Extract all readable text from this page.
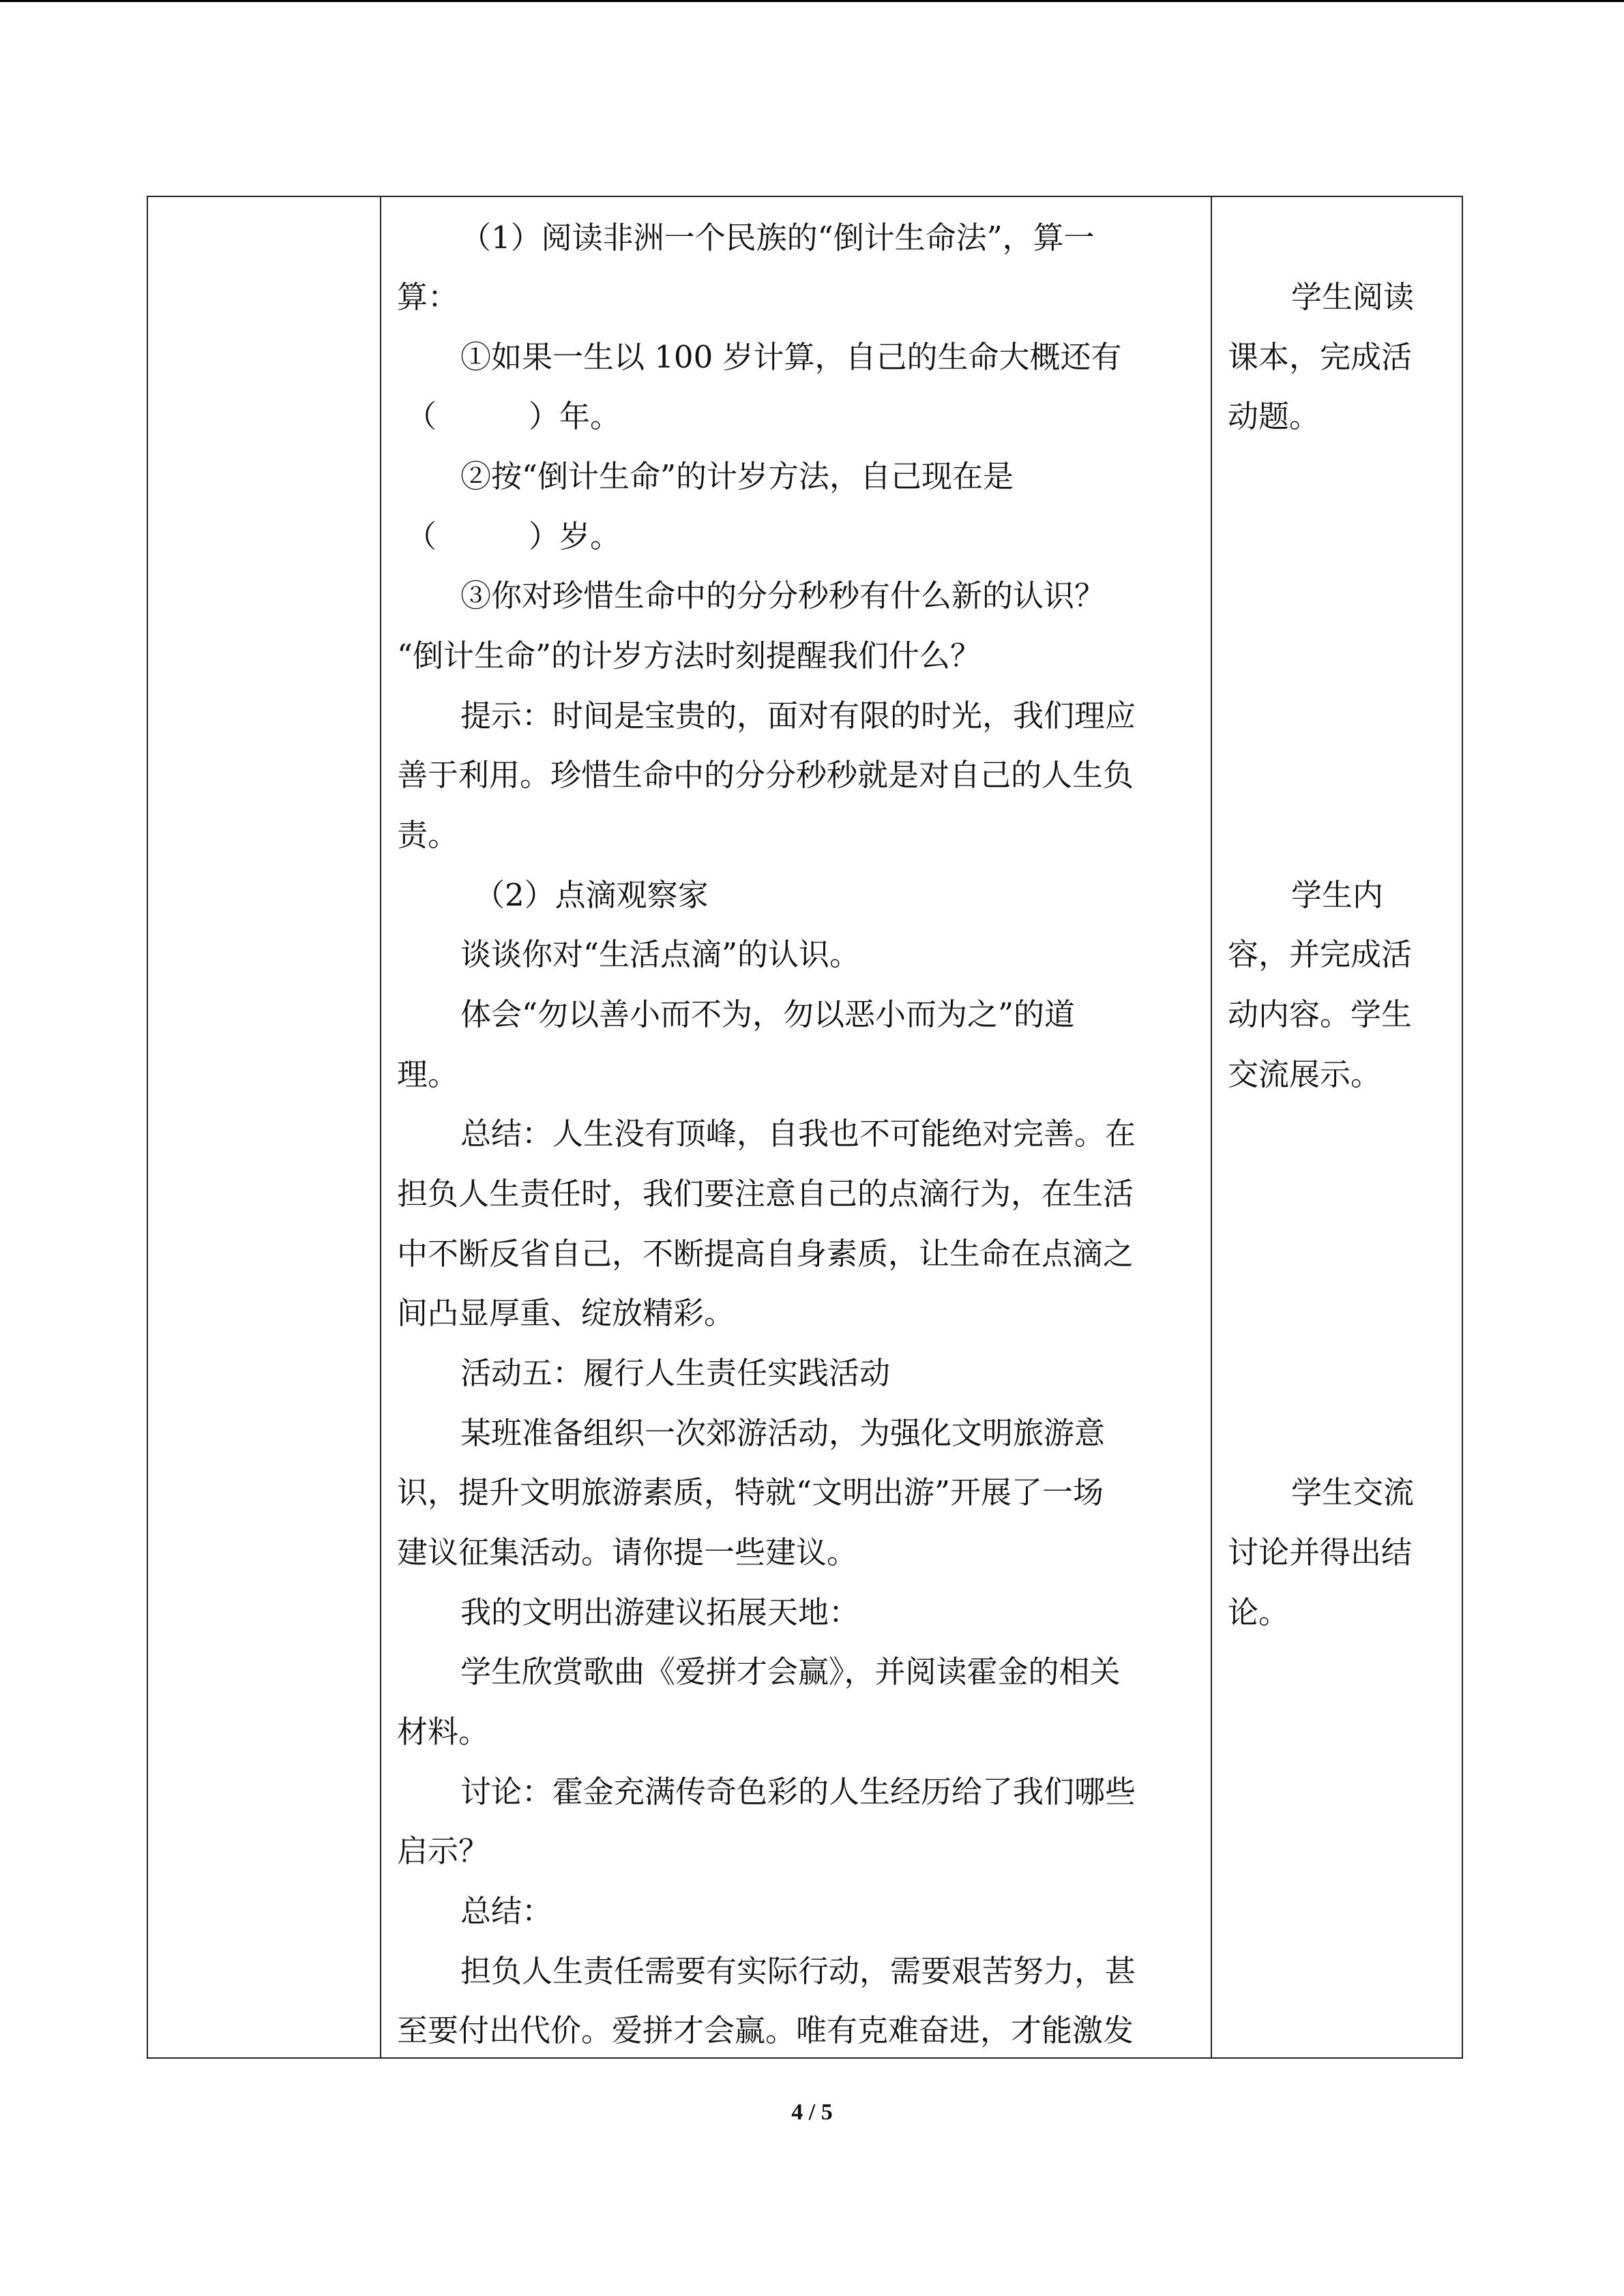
（1）阅读非洲一个民族的“倒计生命法”，算一
算：
①如果一生以 100 岁计算，自己的生命大概还有
（　　　）年。
②按“倒计生命”的计岁方法，自己现在是
（　　　）岁。
③你对珍惜生命中的分分秒秒有什么新的认识？
“倒计生命”的计岁方法时刻提醒我们什么？
提示：时间是宝贵的，面对有限的时光，我们理应
善于利用。珍惜生命中的分分秒秒就是对自己的人生负
责。
（2）点滴观察家
谈谈你对“生活点滴”的认识。
体会“勿以善小而不为，勿以恶小而为之”的道
理。
总结：人生没有顶峰，自我也不可能绝对完善。在
担负人生责任时，我们要注意自己的点滴行为，在生活
中不断反省自己，不断提高自身素质，让生命在点滴之
间凸显厚重、绽放精彩。
活动五：履行人生责任实践活动
某班准备组织一次郊游活动，为强化文明旅游意
识，提升文明旅游素质，特就“文明出游”开展了一场
建议征集活动。请你提一些建议。
我的文明出游建议拓展天地：
学生欣赏歌曲《爱拼才会赢》，并阅读霍金的相关
材料。
讨论：霍金充满传奇色彩的人生经历给了我们哪些
启示？
总结：
担负人生责任需要有实际行动，需要艰苦努力，甚
至要付出代价。爱拼才会赢。唯有克难奋进，才能激发
学生阅读
课本，完成活
动题。
学生内
容，并完成活
动内容。学生
交流展示。
学生交流
讨论并得出结
论。
4 / 5
